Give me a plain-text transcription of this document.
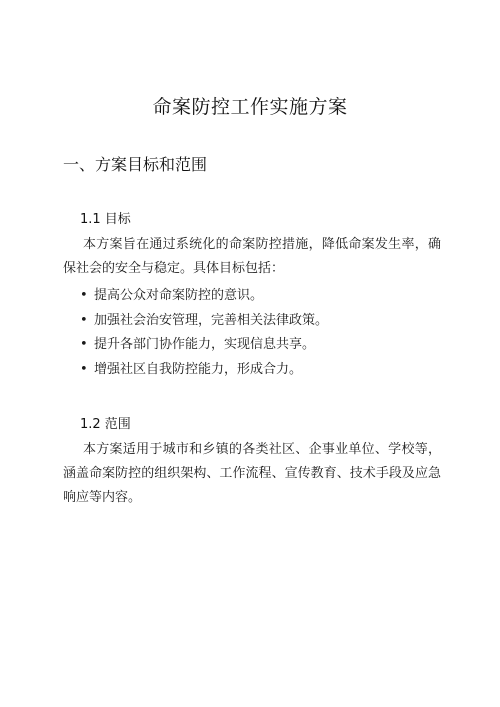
命案防控工作实施方案
一、方案目标和范围
1.1 目标

本方案旨在通过系统化的命案防控措施，降低命案发生率，确保社会的安全与稳定。具体目标包括：

• 提高公众对命案防控的意识。
• 加强社会治安管理，完善相关法律政策。
• 提升各部门协作能力，实现信息共享。
• 增强社区自我防控能力，形成合力。
1.2 范围

本方案适用于城市和乡镇的各类社区、企事业单位、学校等，涵盖命案防控的组织架构、工作流程、宣传教育、技术手段及应急响应等内容。
